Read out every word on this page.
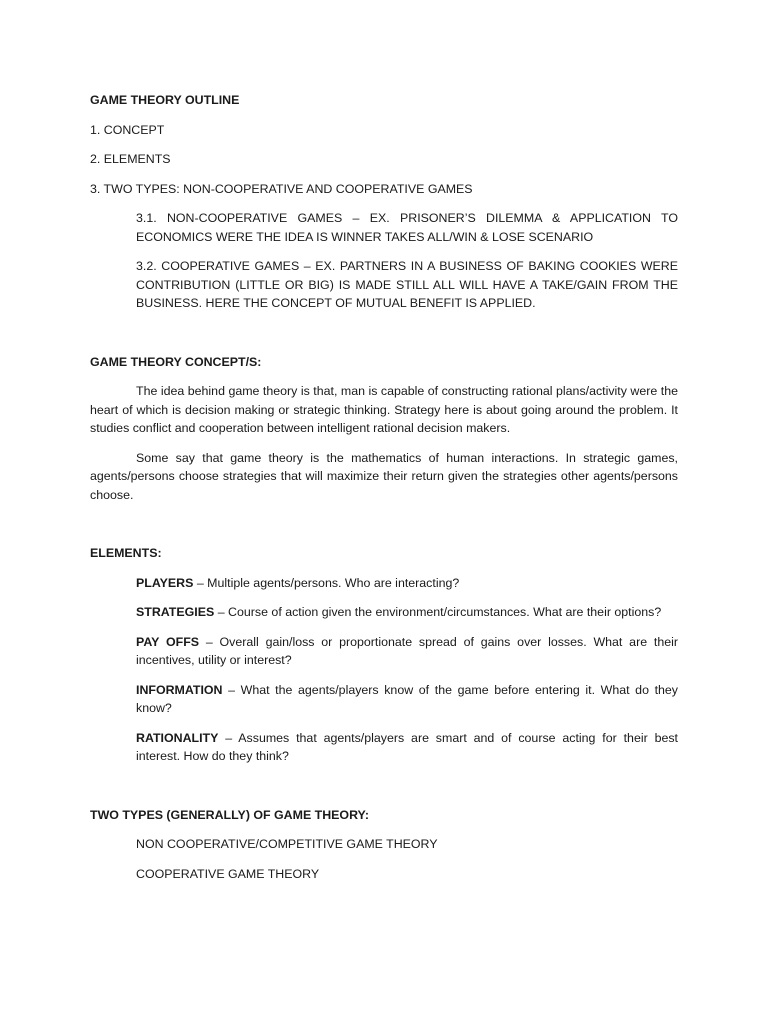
GAME THEORY OUTLINE

1. CONCEPT

2. ELEMENTS

3. TWO TYPES: NON-COOPERATIVE AND COOPERATIVE GAMES

3.1. NON-COOPERATIVE GAMES – EX. PRISONER’S DILEMMA & APPLICATION TO ECONOMICS WERE THE IDEA IS WINNER TAKES ALL/WIN & LOSE SCENARIO

3.2. COOPERATIVE GAMES – EX. PARTNERS IN A BUSINESS OF BAKING COOKIES WERE CONTRIBUTION (LITTLE OR BIG) IS MADE STILL ALL WILL HAVE A TAKE/GAIN FROM THE BUSINESS. HERE THE CONCEPT OF MUTUAL BENEFIT IS APPLIED.

GAME THEORY CONCEPT/S:

The idea behind game theory is that, man is capable of constructing rational plans/activity were the heart of which is decision making or strategic thinking. Strategy here is about going around the problem. It studies conflict and cooperation between intelligent rational decision makers.

Some say that game theory is the mathematics of human interactions. In strategic games, agents/persons choose strategies that will maximize their return given the strategies other agents/persons choose.

ELEMENTS:

PLAYERS – Multiple agents/persons. Who are interacting?

STRATEGIES – Course of action given the environment/circumstances. What are their options?

PAY OFFS – Overall gain/loss or proportionate spread of gains over losses. What are their incentives, utility or interest?

INFORMATION – What the agents/players know of the game before entering it. What do they know?

RATIONALITY – Assumes that agents/players are smart and of course acting for their best interest. How do they think?

TWO TYPES (GENERALLY) OF GAME THEORY:

NON COOPERATIVE/COMPETITIVE GAME THEORY

COOPERATIVE GAME THEORY
